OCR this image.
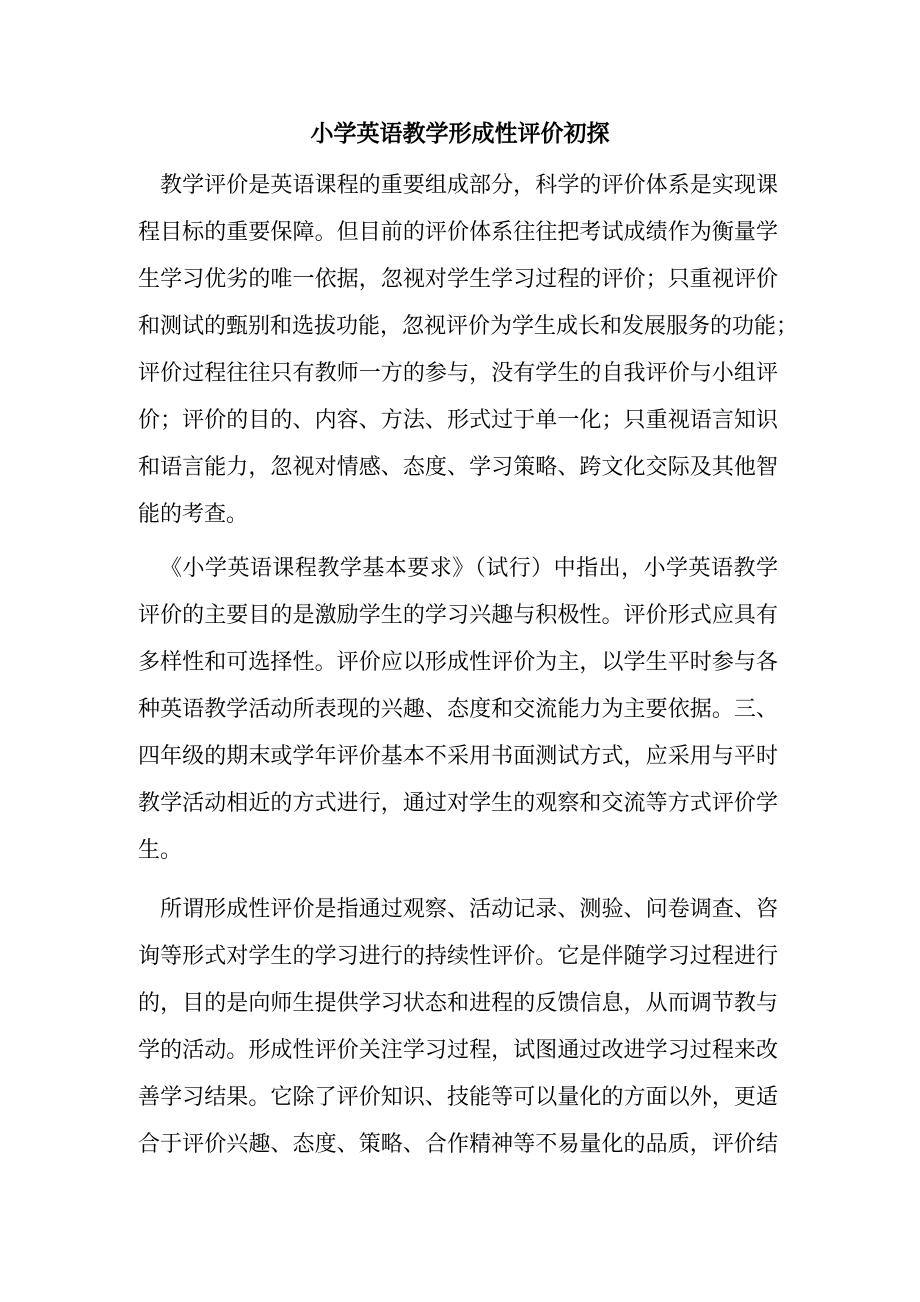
小学英语教学形成性评价初探
教学评价是英语课程的重要组成部分，科学的评价体系是实现课
程目标的重要保障。但目前的评价体系往往把考试成绩作为衡量学
生学习优劣的唯一依据，忽视对学生学习过程的评价；只重视评价
和测试的甄别和选拔功能，忽视评价为学生成长和发展服务的功能；
评价过程往往只有教师一方的参与，没有学生的自我评价与小组评
价；评价的目的、内容、方法、形式过于单一化；只重视语言知识
和语言能力，忽视对情感、态度、学习策略、跨文化交际及其他智
能的考查。
《小学英语课程教学基本要求》（试行）中指出，小学英语教学
评价的主要目的是激励学生的学习兴趣与积极性。评价形式应具有
多样性和可选择性。评价应以形成性评价为主，以学生平时参与各
种英语教学活动所表现的兴趣、态度和交流能力为主要依据。三、
四年级的期末或学年评价基本不采用书面测试方式，应采用与平时
教学活动相近的方式进行，通过对学生的观察和交流等方式评价学
生。
所谓形成性评价是指通过观察、活动记录、测验、问卷调查、咨
询等形式对学生的学习进行的持续性评价。它是伴随学习过程进行
的，目的是向师生提供学习状态和进程的反馈信息，从而调节教与
学的活动。形成性评价关注学习过程，试图通过改进学习过程来改
善学习结果。它除了评价知识、技能等可以量化的方面以外，更适
合于评价兴趣、态度、策略、合作精神等不易量化的品质，评价结
